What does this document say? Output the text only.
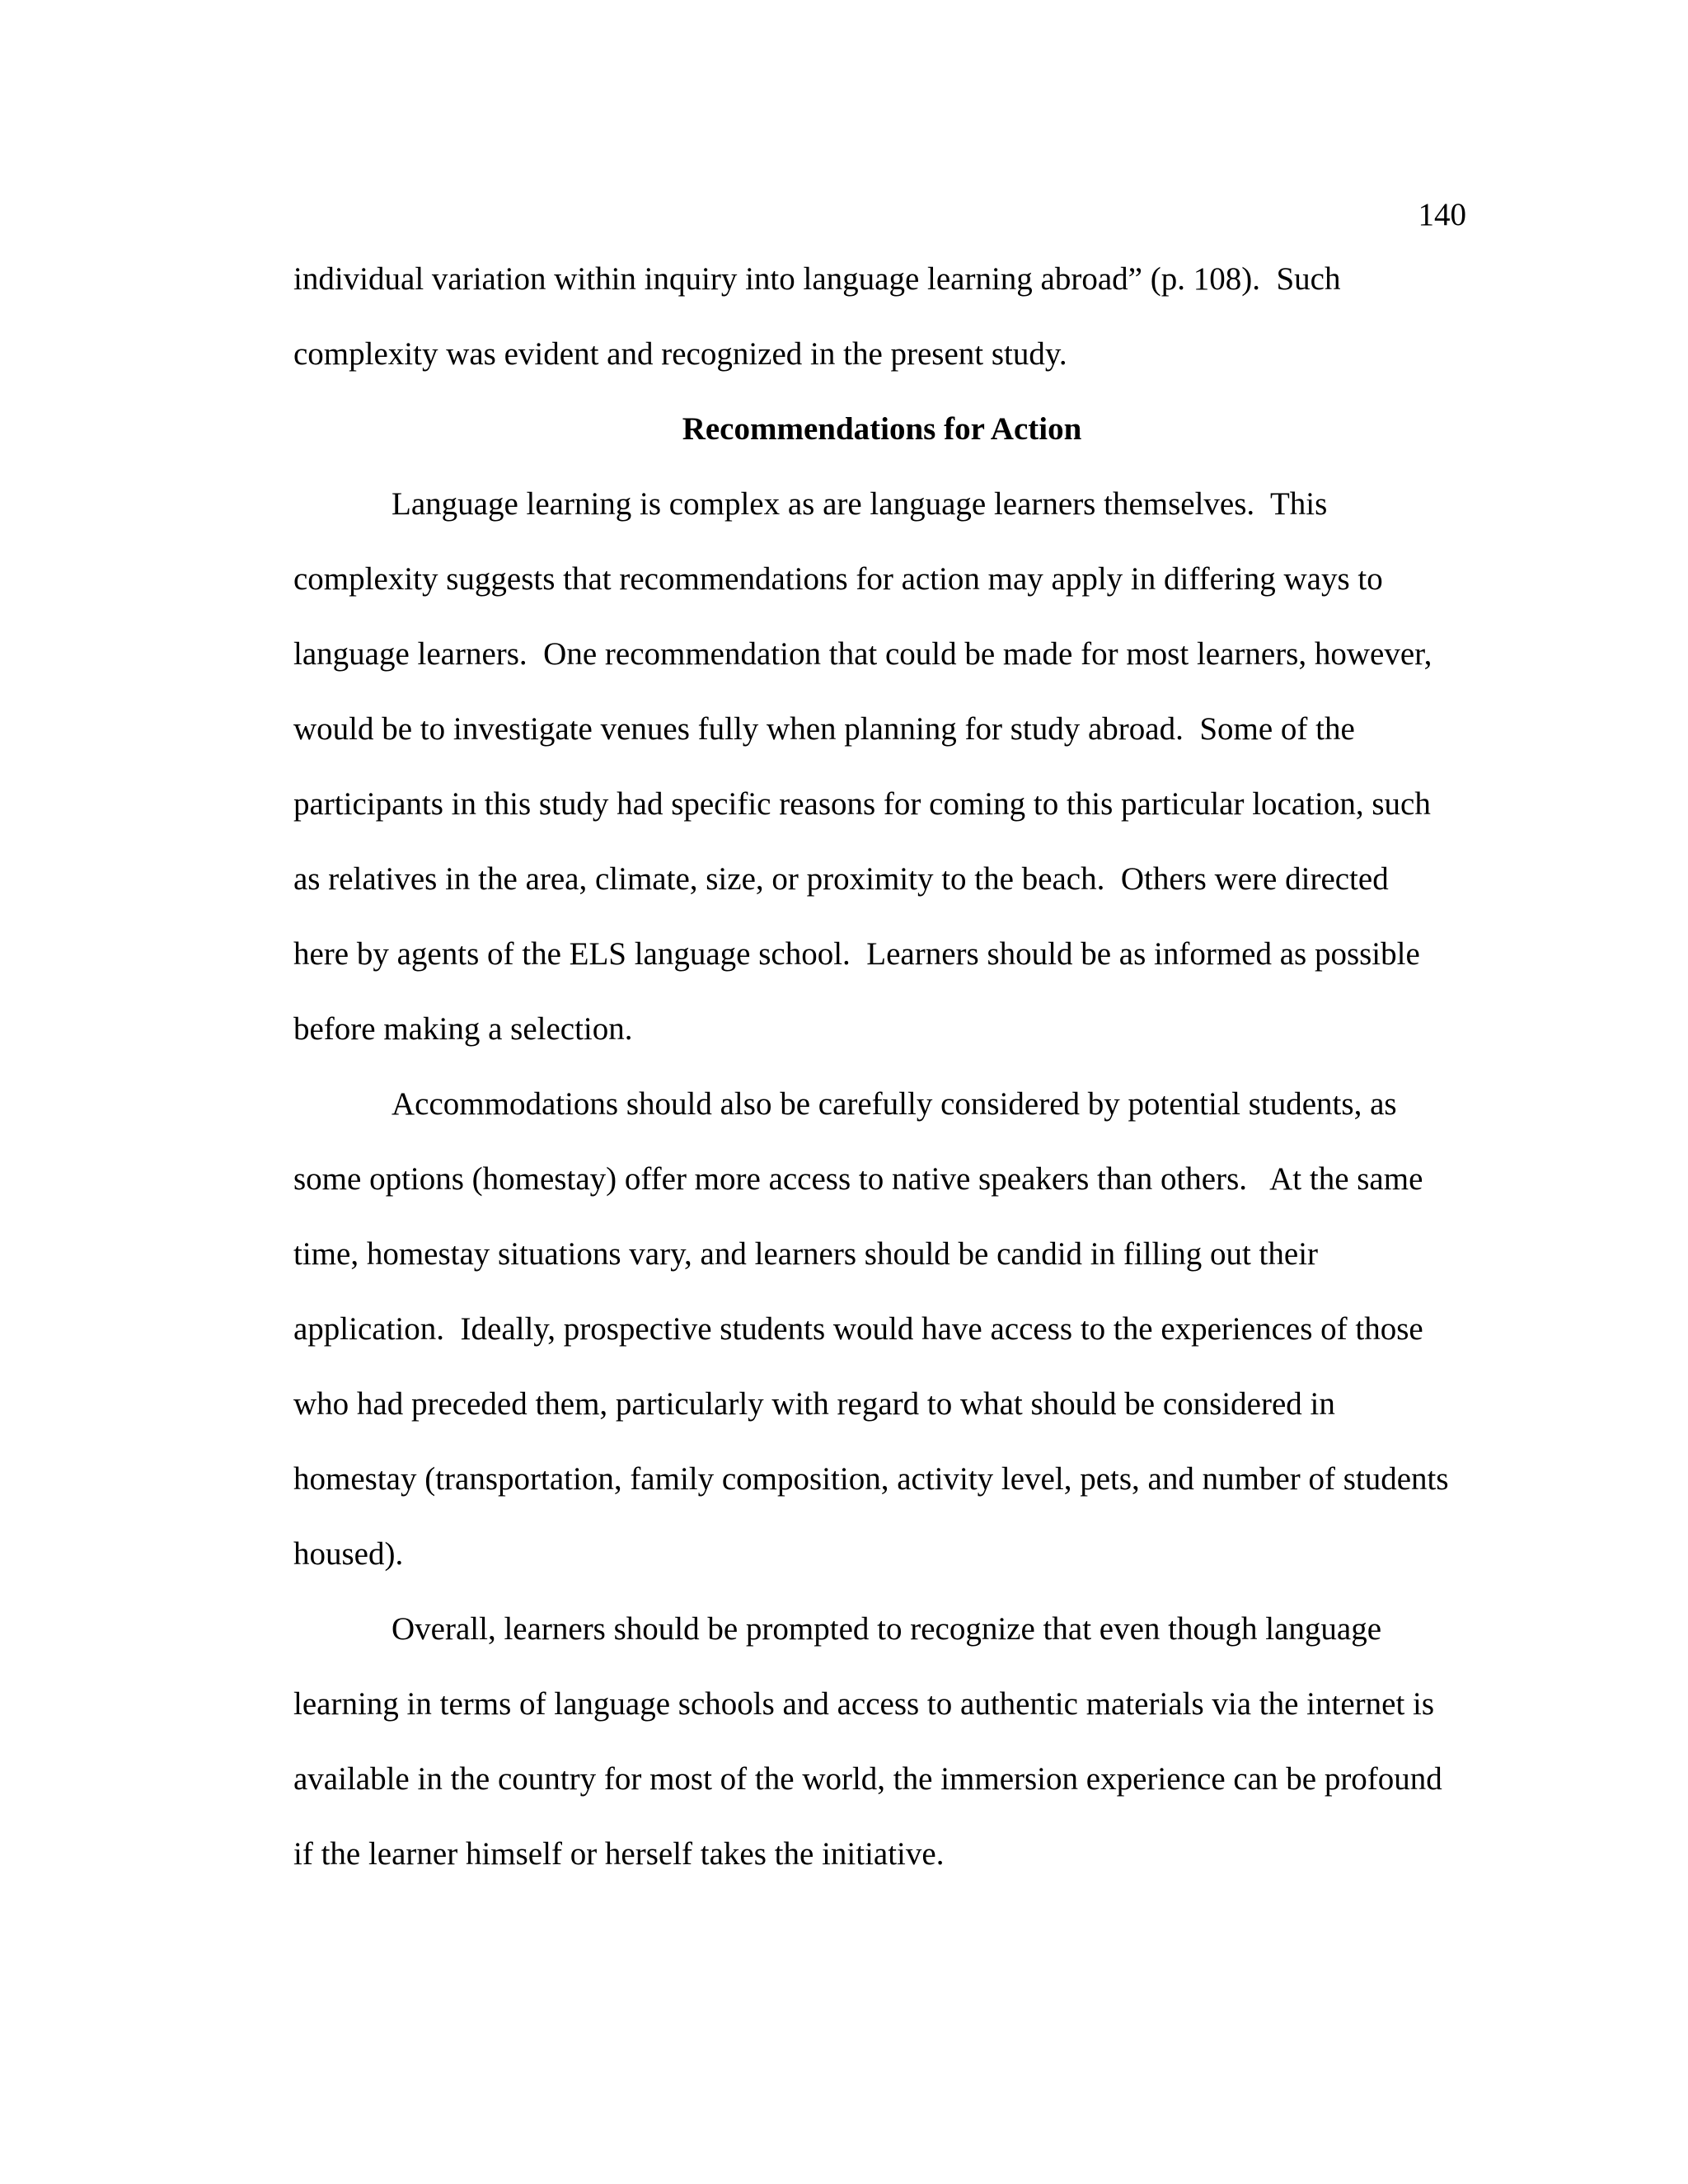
140
individual variation within inquiry into language learning abroad” (p. 108).  Such
complexity was evident and recognized in the present study.
Recommendations for Action
Language learning is complex as are language learners themselves.  This
complexity suggests that recommendations for action may apply in differing ways to
language learners.  One recommendation that could be made for most learners, however,
would be to investigate venues fully when planning for study abroad.  Some of the
participants in this study had specific reasons for coming to this particular location, such
as relatives in the area, climate, size, or proximity to the beach.  Others were directed
here by agents of the ELS language school.  Learners should be as informed as possible
before making a selection.
Accommodations should also be carefully considered by potential students, as
some options (homestay) offer more access to native speakers than others.   At the same
time, homestay situations vary, and learners should be candid in filling out their
application.  Ideally, prospective students would have access to the experiences of those
who had preceded them, particularly with regard to what should be considered in
homestay (transportation, family composition, activity level, pets, and number of students
housed).
Overall, learners should be prompted to recognize that even though language
learning in terms of language schools and access to authentic materials via the internet is
available in the country for most of the world, the immersion experience can be profound
if the learner himself or herself takes the initiative.
